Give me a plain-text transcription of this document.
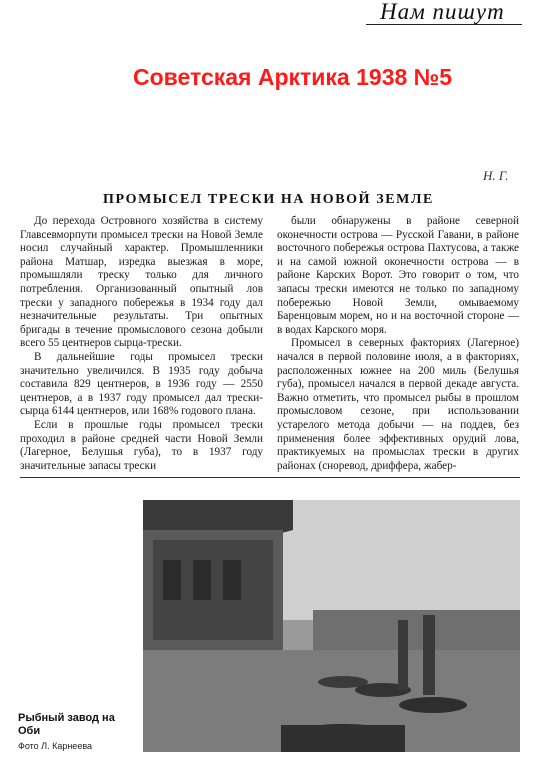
Нам пишут
Советская Арктика 1938 №5
Н. Г.
ПРОМЫСЕЛ ТРЕСКИ НА НОВОЙ ЗЕМЛЕ

До перехода Островного хозяйства в систему Главсевморпути промысел трески на Новой Земле носил случайный характер. Промышленники района Матшар, изредка выезжая в море, промышляли треску только для личного потребления. Организованный опытный лов трески у западного побережья в 1934 году дал незначительные результаты. Три опытных бригады в течение промыслового сезона добыли всего 55 центнеров сырца-трески.

В дальнейшие годы промысел трески значительно увеличился. В 1935 году добыча составила 829 центнеров, в 1936 году — 2550 центнеров, а в 1937 году промысел дал трески-сырца 6144 центнеров, или 168% годового плана.

Если в прошлые годы промысел трески проходил в районе средней части Новой Земли (Лагерное, Белушья губа), то в 1937 году значительные запасы трески

были обнаружены в районе северной оконечности острова — Русской Гавани, в районе восточного побережья острова Пахтусова, а также и на самой южной оконечности острова — в районе Карских Ворот. Это говорит о том, что запасы трески имеются не только по западному побережью Новой Земли, омываемому Баренцовым морем, но и на восточной стороне — в водах Карского моря.

Промысел в северных факториях (Лагерное) начался в первой половине июля, а в факториях, расположенных южнее на 200 миль (Белушья губа), промысел начался в первой декаде августа. Важно отметить, что промысел рыбы в прошлом промысловом сезоне, при использовании устарелого метода добычи — на поддев, без применения более эффективных орудий лова, практикуемых на промыслах трески в других районах (сноревод, дриффера, жабер-

Рыбный завод на Оби
Фото Л. Карнеева
